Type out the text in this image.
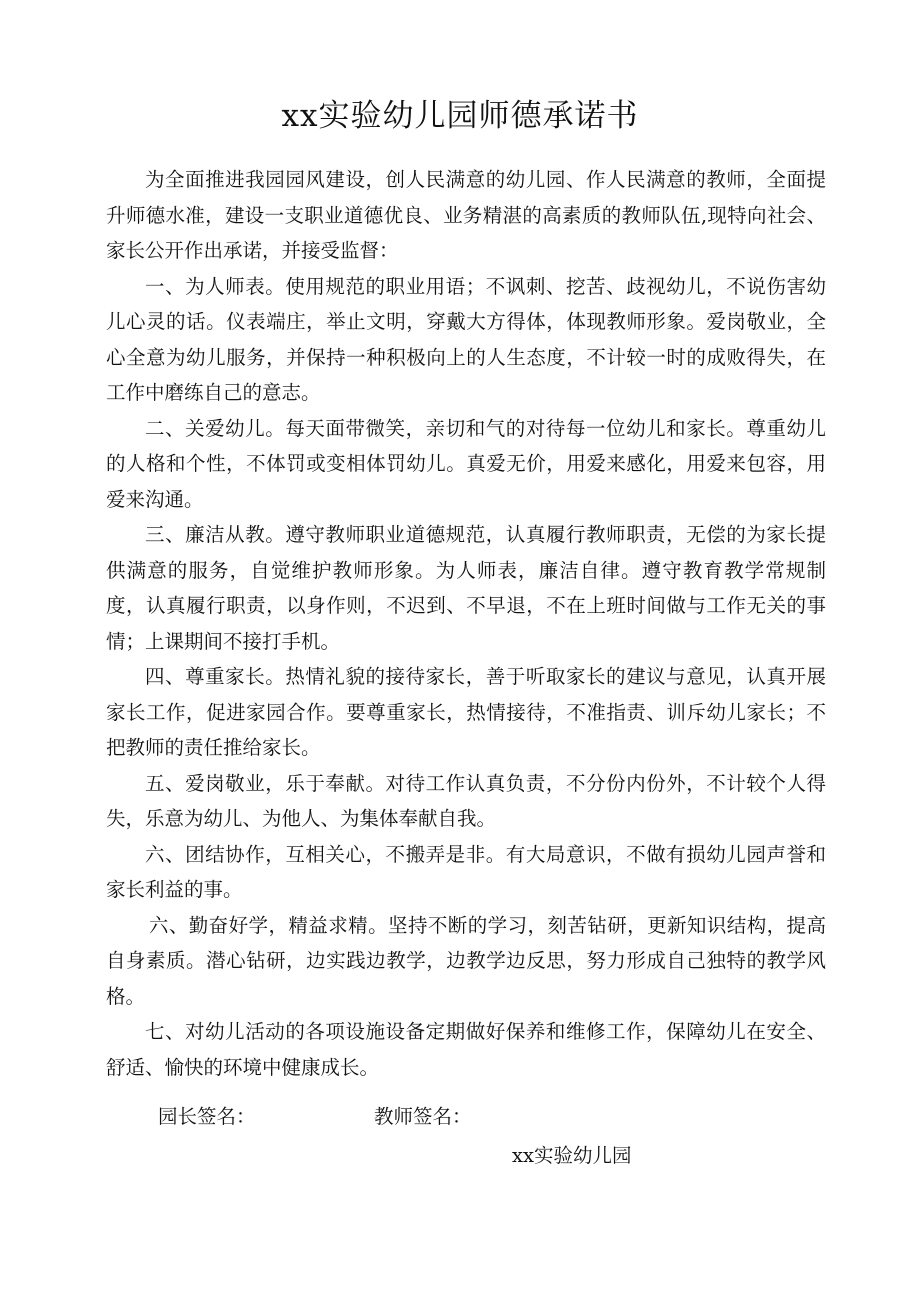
xx实验幼儿园师德承诺书

为全面推进我园园风建设，创人民满意的幼儿园、作人民满意的教师，全面提升师德水准，建设一支职业道德优良、业务精湛的高素质的教师队伍,现特向社会、家长公开作出承诺，并接受监督：

一、为人师表。使用规范的职业用语；不讽刺、挖苦、歧视幼儿，不说伤害幼儿心灵的话。仪表端庄，举止文明，穿戴大方得体，体现教师形象。爱岗敬业，全心全意为幼儿服务，并保持一种积极向上的人生态度，不计较一时的成败得失，在工作中磨练自己的意志。

二、关爱幼儿。每天面带微笑，亲切和气的对待每一位幼儿和家长。尊重幼儿的人格和个性，不体罚或变相体罚幼儿。真爱无价，用爱来感化，用爱来包容，用爱来沟通。

三、廉洁从教。遵守教师职业道德规范，认真履行教师职责，无偿的为家长提供满意的服务，自觉维护教师形象。为人师表，廉洁自律。遵守教育教学常规制度，认真履行职责，以身作则，不迟到、不早退，不在上班时间做与工作无关的事情；上课期间不接打手机。

四、尊重家长。热情礼貌的接待家长，善于听取家长的建议与意见，认真开展家长工作，促进家园合作。要尊重家长，热情接待，不准指责、训斥幼儿家长；不把教师的责任推给家长。

五、爱岗敬业，乐于奉献。对待工作认真负责，不分份内份外，不计较个人得失，乐意为幼儿、为他人、为集体奉献自我。

六、团结协作，互相关心，不搬弄是非。有大局意识，不做有损幼儿园声誉和家长利益的事。

六、勤奋好学，精益求精。坚持不断的学习，刻苦钻研，更新知识结构，提高自身素质。潜心钻研，边实践边教学，边教学边反思，努力形成自己独特的教学风格。

七、对幼儿活动的各项设施设备定期做好保养和维修工作，保障幼儿在安全、舒适、愉快的环境中健康成长。

园长签名：	教师签名：
xx实验幼儿园
